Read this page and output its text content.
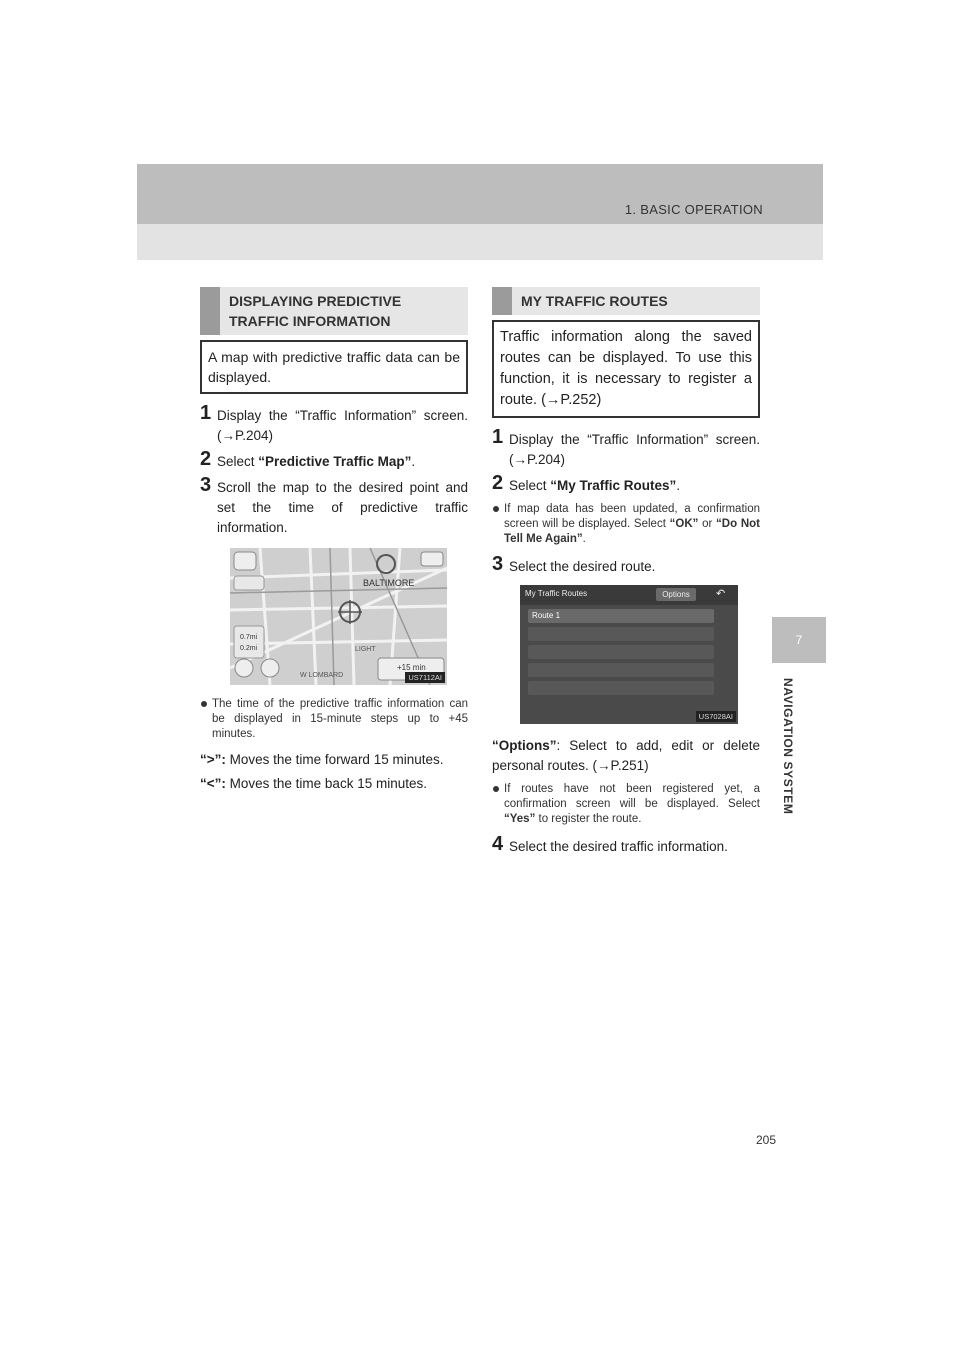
1. BASIC OPERATION
7
NAVIGATION SYSTEM
DISPLAYING PREDICTIVE
TRAFFIC INFORMATION
A map with predictive traffic data can be displayed.
1 Display the “Traffic Information” screen. (→P.204)
2 Select “Predictive Traffic Map”.
3 Scroll the map to the desired point and set the time of predictive traffic information.
BALTIMORE
0.7mi
0.2mi
+15 min
W LOMBARD
LIGHT
US7112AI
The time of the predictive traffic information can be displayed in 15-minute steps up to +45 minutes.
“>”: Moves the time forward 15 minutes.
“<”: Moves the time back 15 minutes.
MY TRAFFIC ROUTES
Traffic information along the saved routes can be displayed. To use this function, it is necessary to register a route. (→P.252)
1 Display the “Traffic Information” screen. (→P.204)
2 Select “My Traffic Routes”.
If map data has been updated, a confirmation screen will be displayed. Select “OK” or “Do Not Tell Me Again”.
3 Select the desired route.
My Traffic Routes	Options	↶
Route 1
US7028AI
“Options”: Select to add, edit or delete personal routes. (→P.251)
If routes have not been registered yet, a confirmation screen will be displayed. Select “Yes” to register the route.
4 Select the desired traffic information.
205
